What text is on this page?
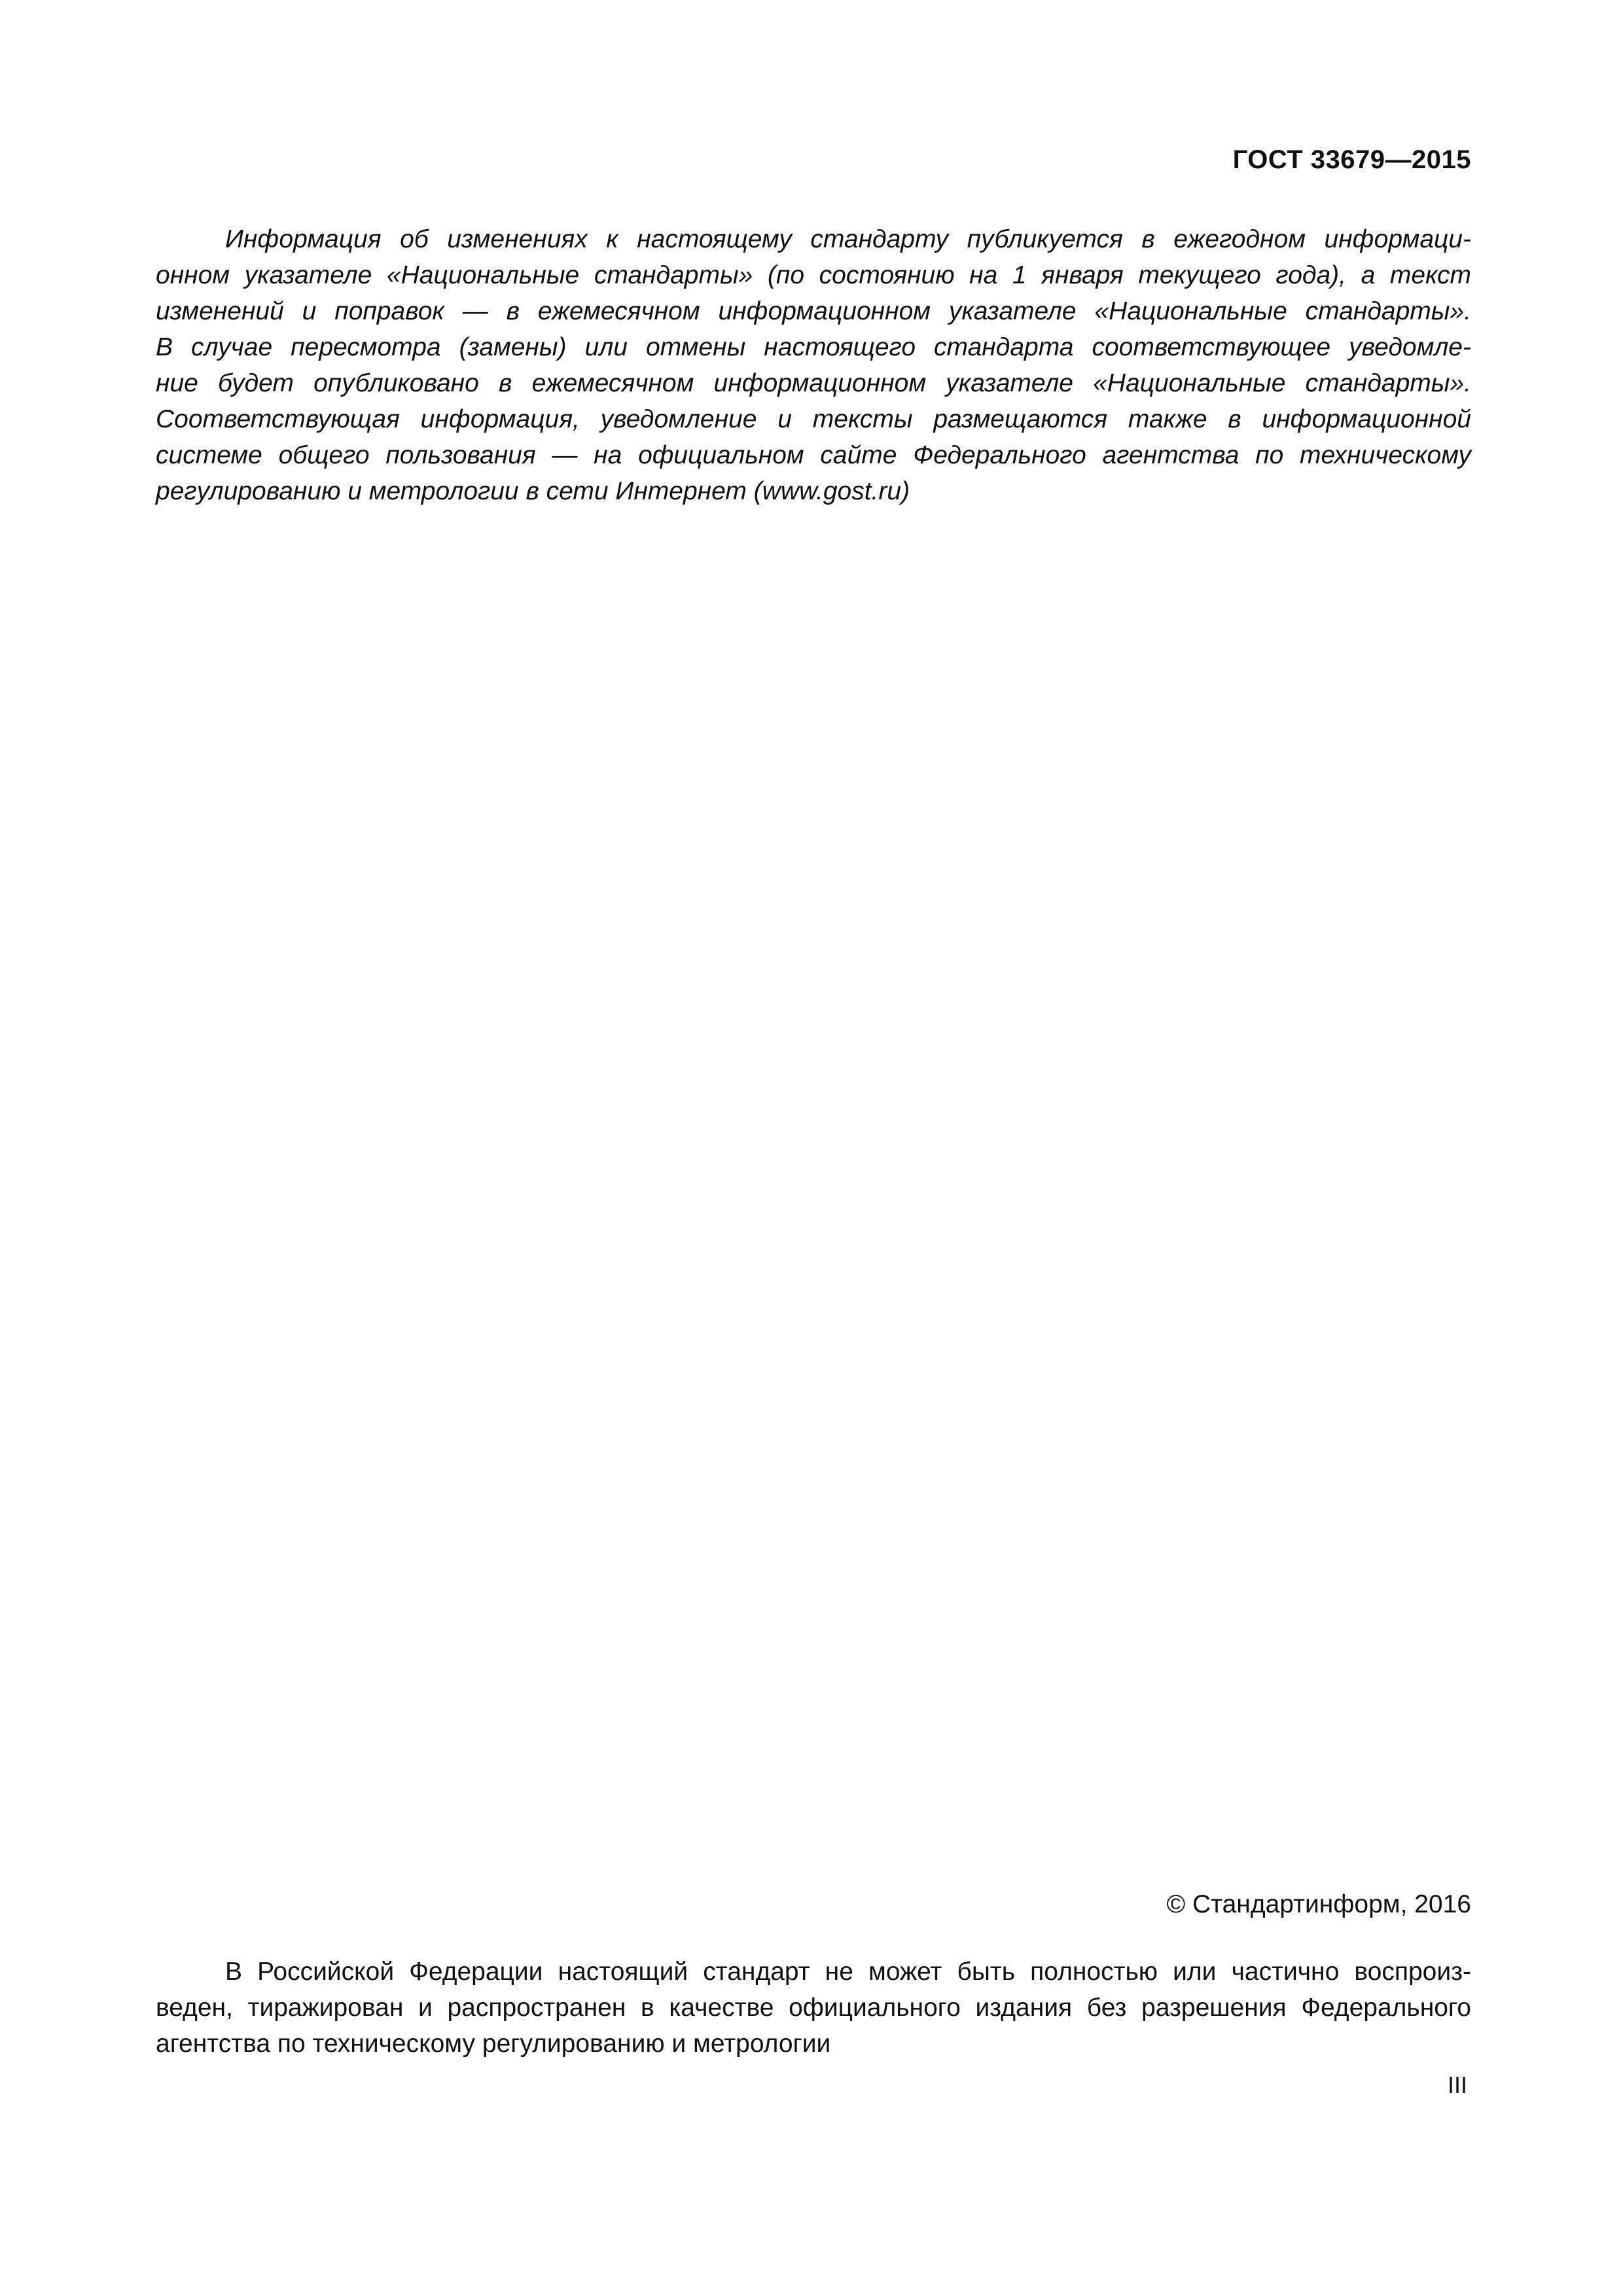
ГОСТ 33679—2015
Информация об изменениях к настоящему стандарту публикуется в ежегодном информаци-
онном указателе «Национальные стандарты» (по состоянию на 1 января текущего года), а текст
изменений и поправок — в ежемесячном информационном указателе «Национальные стандарты».
В случае пересмотра (замены) или отмены настоящего стандарта соответствующее уведомле-
ние будет опубликовано в ежемесячном информационном указателе «Национальные стандарты».
Соответствующая информация, уведомление и тексты размещаются также в информационной
системе общего пользования — на официальном сайте Федерального агентства по техническому
регулированию и метрологии в сети Интернет (www.gost.ru)
© Стандартинформ, 2016
В Российской Федерации настоящий стандарт не может быть полностью или частично воспроиз-
веден, тиражирован и распространен в качестве официального издания без разрешения Федерального
агентства по техническому регулированию и метрологии
III
